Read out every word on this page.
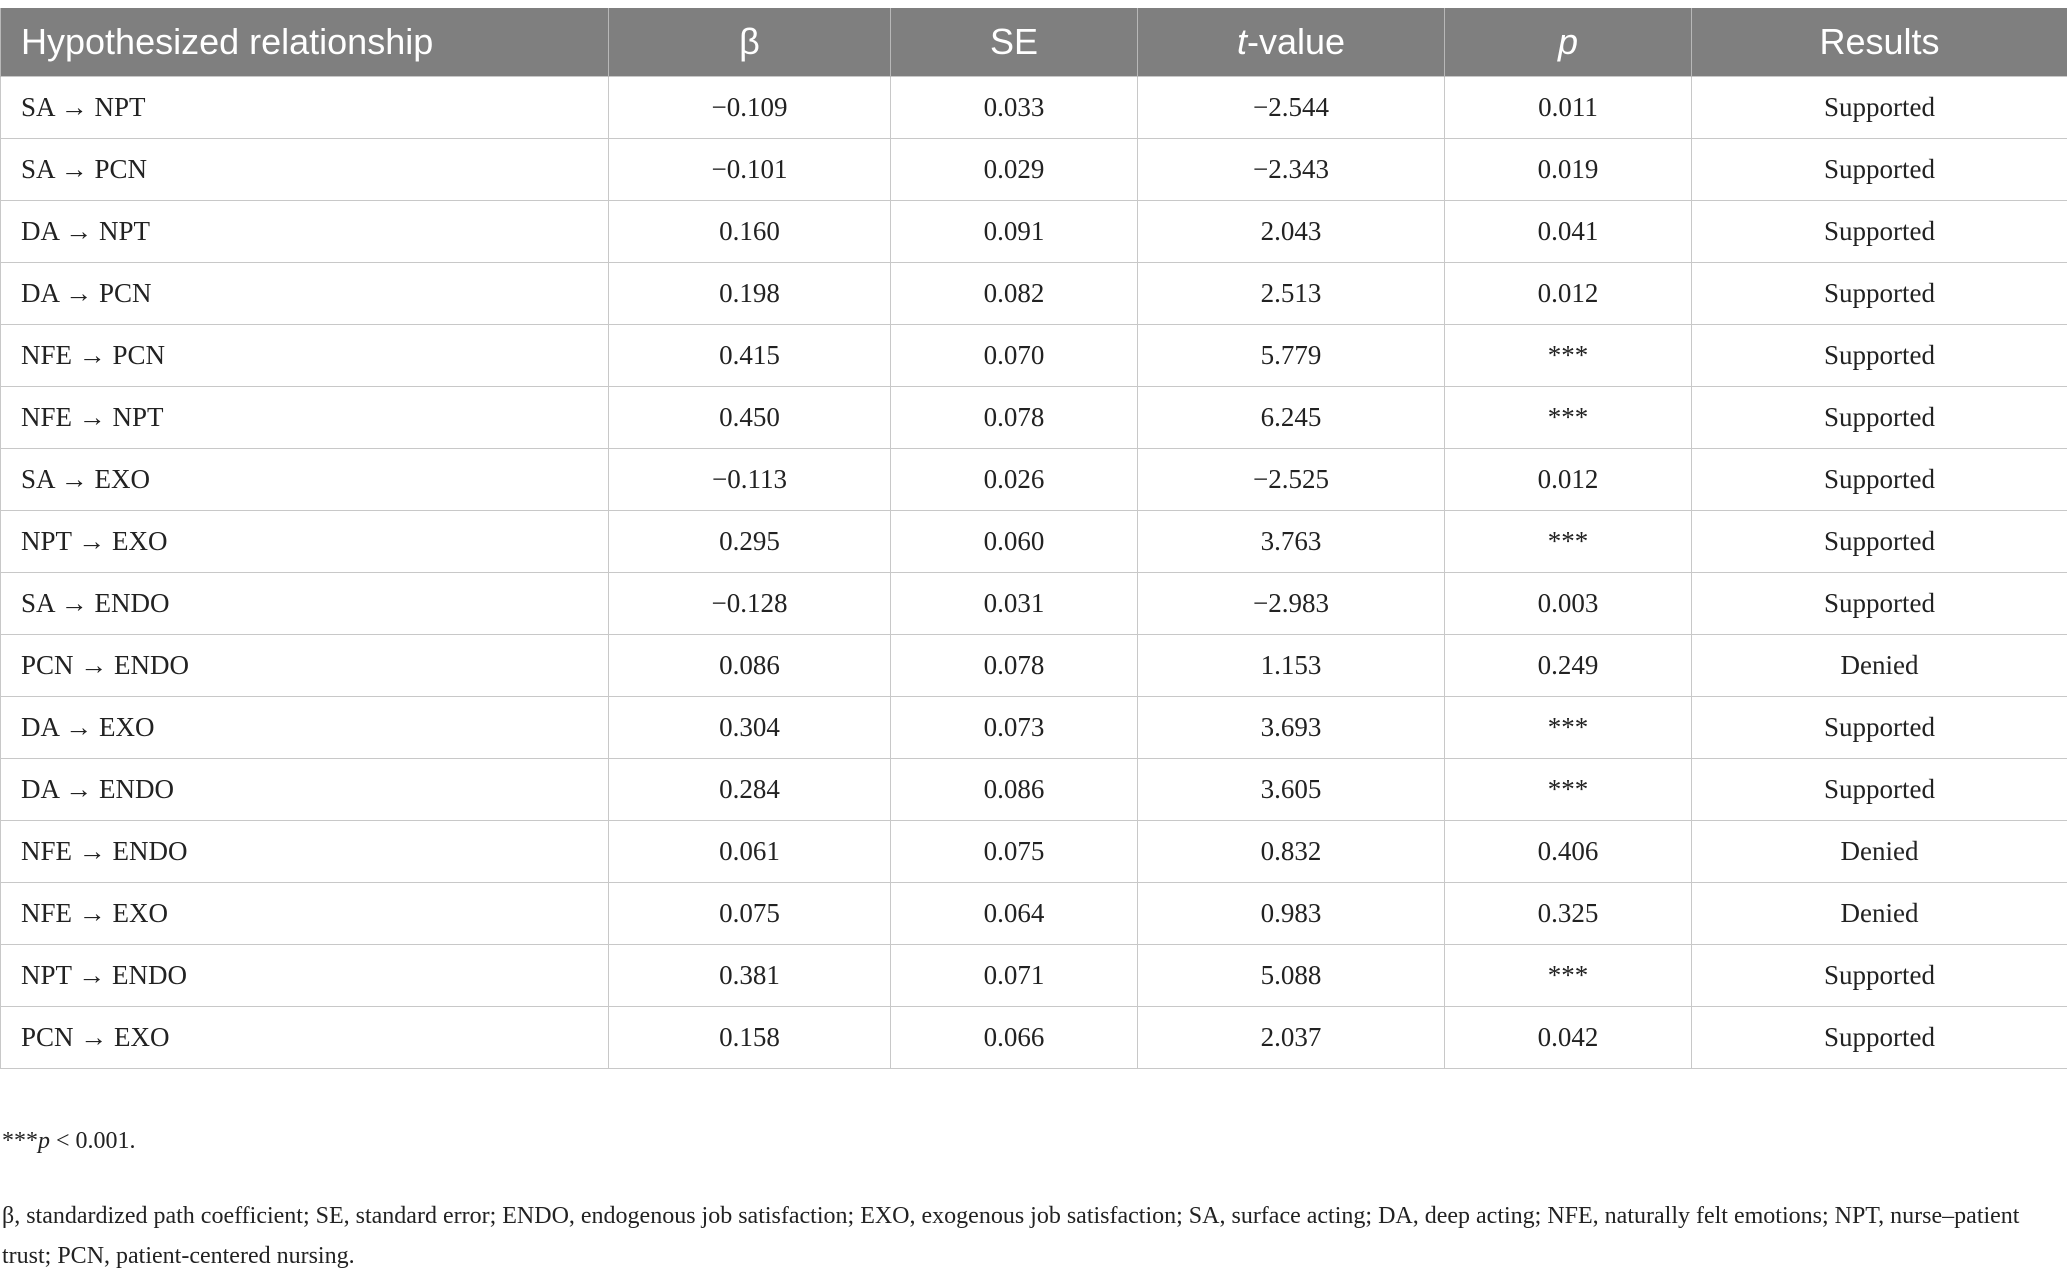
Hypothesized relationship	β	SE	t-value	p	Results
SA → NPT	−0.109	0.033	−2.544	0.011	Supported
SA → PCN	−0.101	0.029	−2.343	0.019	Supported
DA → NPT	0.160	0.091	2.043	0.041	Supported
DA → PCN	0.198	0.082	2.513	0.012	Supported
NFE → PCN	0.415	0.070	5.779	***	Supported
NFE → NPT	0.450	0.078	6.245	***	Supported
SA → EXO	−0.113	0.026	−2.525	0.012	Supported
NPT → EXO	0.295	0.060	3.763	***	Supported
SA → ENDO	−0.128	0.031	−2.983	0.003	Supported
PCN → ENDO	0.086	0.078	1.153	0.249	Denied
DA → EXO	0.304	0.073	3.693	***	Supported
DA → ENDO	0.284	0.086	3.605	***	Supported
NFE → ENDO	0.061	0.075	0.832	0.406	Denied
NFE → EXO	0.075	0.064	0.983	0.325	Denied
NPT → ENDO	0.381	0.071	5.088	***	Supported
PCN → EXO	0.158	0.066	2.037	0.042	Supported
***p < 0.001.
β, standardized path coefficient; SE, standard error; ENDO, endogenous job satisfaction; EXO, exogenous job satisfaction; SA, surface acting; DA, deep acting; NFE, naturally felt emotions; NPT, nurse–patient trust; PCN, patient-centered nursing.
